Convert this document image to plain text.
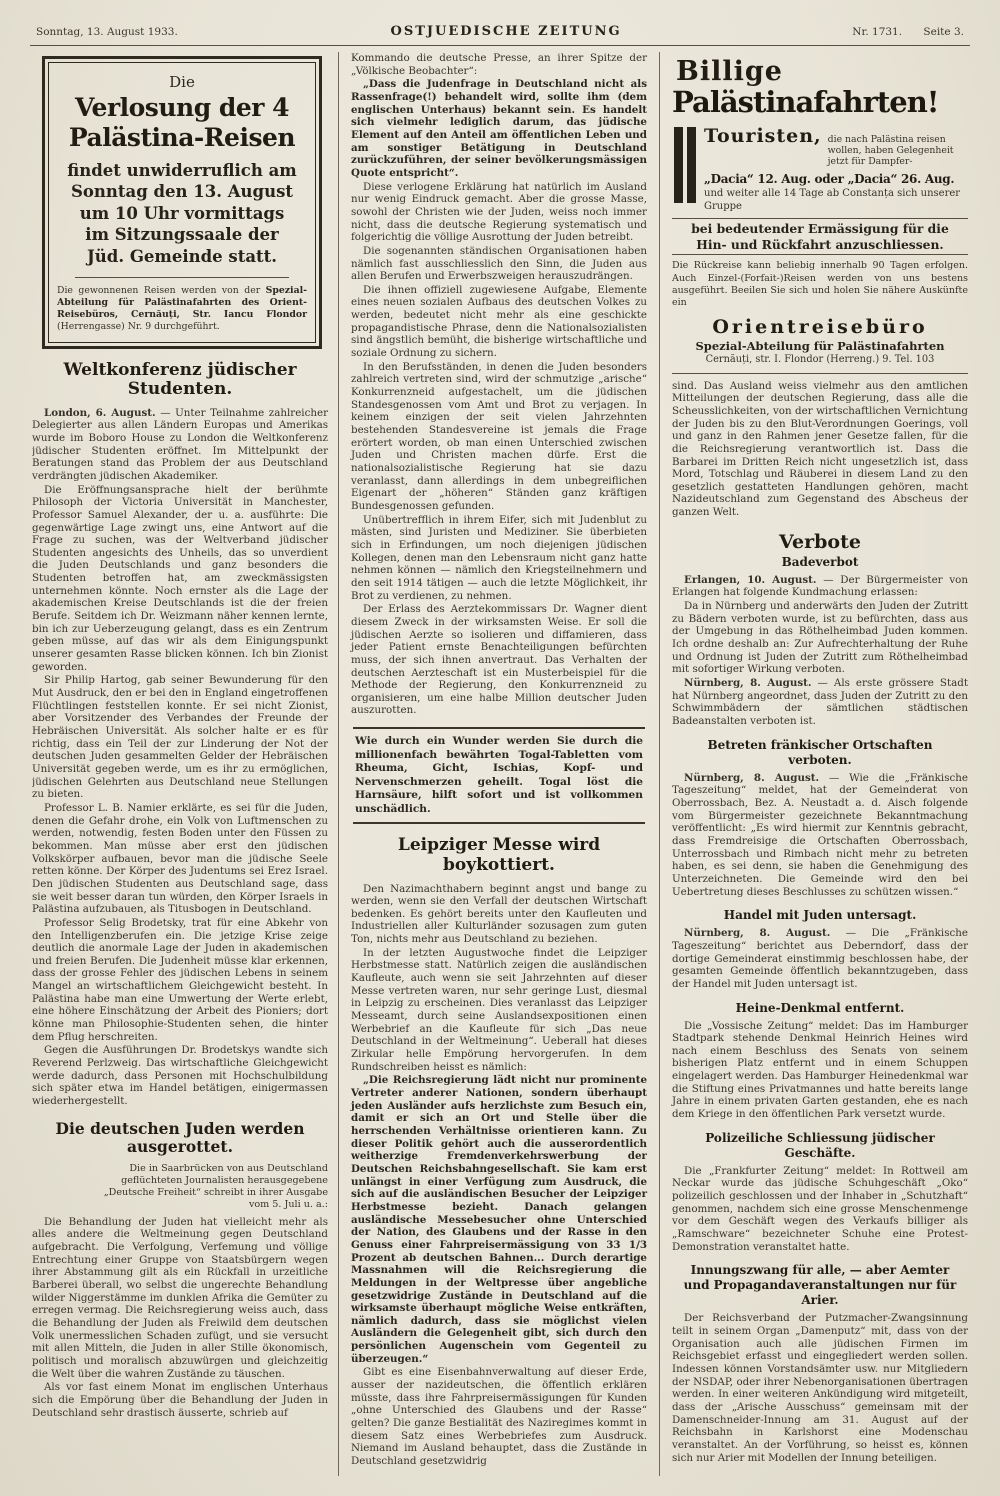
Sonntag, 13. August 1933.	OSTJUEDISCHE ZEITUNG	Nr. 1731. Seite 3.
Die
Verlosung der 4
Palästina-Reisen
findet unwiderruflich am
Sonntag den 13. August
um 10 Uhr vormittags
im Sitzungssaale der
Jüd. Gemeinde statt.

Die gewonnenen Reisen werden von der Spezial-Abteilung für Palästinafahrten des Orient-Reisebüros, Cernăuți, Str. Iancu Flondor (Herrengasse) Nr. 9 durchgeführt.

Weltkonferenz jüdischer Studenten.

London, 6. August. — Unter Teilnahme zahlreicher Delegierter aus allen Ländern Europas und Amerikas wurde im Boboro House zu London die Weltkonferenz jüdischer Studenten eröffnet. Im Mittelpunkt der Beratungen stand das Problem der aus Deutschland verdrängten jüdischen Akademiker.

Die Eröffnungsansprache hielt der berühmte Philosoph der Victoria Universität in Manchester, Professor Samuel Alexander, der u. a. ausführte: Die gegenwärtige Lage zwingt uns, eine Antwort auf die Frage zu suchen, was der Weltverband jüdischer Studenten angesichts des Unheils, das so unverdient die Juden Deutschlands und ganz besonders die Studenten betroffen hat, am zweckmässigsten unternehmen könnte. Noch ernster als die Lage der akademischen Kreise Deutschlands ist die der freien Berufe. Seitdem ich Dr. Weizmann näher kennen lernte, bin ich zur Ueberzeugung gelangt, dass es ein Zentrum geben müsse, auf das wir als dem Einigungspunkt unserer gesamten Rasse blicken können. Ich bin Zionist geworden.

Sir Philip Hartog, gab seiner Bewunderung für den Mut Ausdruck, den er bei den in England eingetroffenen Flüchtlingen feststellen konnte. Er sei nicht Zionist, aber Vorsitzender des Verbandes der Freunde der Hebräischen Universität. Als solcher halte er es für richtig, dass ein Teil der zur Linderung der Not der deutschen Juden gesammelten Gelder der Hebräischen Universität gegeben werde, um es ihr zu ermöglichen, jüdischen Gelehrten aus Deutschland neue Stellungen zu bieten.

Professor L. B. Namier erklärte, es sei für die Juden, denen die Gefahr drohe, ein Volk von Luftmenschen zu werden, notwendig, festen Boden unter den Füssen zu bekommen. Man müsse aber erst den jüdischen Volkskörper aufbauen, bevor man die jüdische Seele retten könne. Der Körper des Judentums sei Erez Israel. Den jüdischen Studenten aus Deutschland sage, dass sie weit besser daran tun würden, den Körper Israels in Palästina aufzubauen, als Titusbogen in Deutschland.

Professor Selig Brodetsky, trat für eine Abkehr von den Intelligenzberufen ein. Die jetzige Krise zeige deutlich die anormale Lage der Juden in akademischen und freien Berufen. Die Judenheit müsse klar erkennen, dass der grosse Fehler des jüdischen Lebens in seinem Mangel an wirtschaftlichem Gleichgewicht besteht. In Palästina habe man eine Umwertung der Werte erlebt, eine höhere Einschätzung der Arbeit des Pioniers; dort könne man Philosophie-Studenten sehen, die hinter dem Pflug herschreiten.

Gegen die Ausführungen Dr. Brodetskys wandte sich Reverend Perlzweig. Das wirtschaftliche Gleichgewicht werde dadurch, dass Personen mit Hochschulbildung sich später etwa im Handel betätigen, einigermassen wiederhergestellt.

Die deutschen Juden werden ausgerottet.

Die in Saarbrücken von aus Deutschland geflüchteten Journalisten herausgegebene „Deutsche Freiheit“ schreibt in ihrer Ausgabe vom 5. Juli u. a.:

Die Behandlung der Juden hat vielleicht mehr als alles andere die Weltmeinung gegen Deutschland aufgebracht. Die Verfolgung, Verfemung und völlige Entrechtung einer Gruppe von Staatsbürgern wegen ihrer Abstammung gilt als ein Rückfall in urzeitliche Barberei überall, wo selbst die ungerechte Behandlung wilder Niggerstämme im dunklen Afrika die Gemüter zu erregen vermag. Die Reichsregierung weiss auch, dass die Behandlung der Juden als Freiwild dem deutschen Volk unermesslichen Schaden zufügt, und sie versucht mit allen Mitteln, die Juden in aller Stille ökonomisch, politisch und moralisch abzuwürgen und gleichzeitig die Welt über die wahren Zustände zu täuschen.

Als vor fast einem Monat im englischen Unterhaus sich die Empörung über die Behandlung der Juden in Deutschland sehr drastisch äusserte, schrieb auf

Kommando die deutsche Presse, an ihrer Spitze der „Völkische Beobachter“:

„Dass die Judenfrage in Deutschland nicht als Rassenfrage(!) behandelt wird, sollte ihm (dem englischen Unterhaus) bekannt sein. Es handelt sich vielmehr lediglich darum, das jüdische Element auf den Anteil am öffentlichen Leben und am sonstiger Betätigung in Deutschland zurückzuführen, der seiner bevölkerungsmässigen Quote entspricht“.

Diese verlogene Erklärung hat natürlich im Ausland nur wenig Eindruck gemacht. Aber die grosse Masse, sowohl der Christen wie der Juden, weiss noch immer nicht, dass die deutsche Regierung systematisch und folgerichtig die völlige Ausrottung der Juden betreibt.

Die sogenannten ständischen Organisationen haben nämlich fast ausschliesslich den Sinn, die Juden aus allen Berufen und Erwerbszweigen herauszudrängen.

Die ihnen offiziell zugewiesene Aufgabe, Elemente eines neuen sozialen Aufbaus des deutschen Volkes zu werden, bedeutet nicht mehr als eine geschickte propagandistische Phrase, denn die Nationalsozialisten sind ängstlich bemüht, die bisherige wirtschaftliche und soziale Ordnung zu sichern.

In den Berufsständen, in denen die Juden besonders zahlreich vertreten sind, wird der schmutzige „arische“ Konkurrenzneid aufgestachelt, um die jüdischen Standesgenossen vom Amt und Brot zu verjagen. In keinem einzigen der seit vielen Jahrzehnten bestehenden Standesvereine ist jemals die Frage erörtert worden, ob man einen Unterschied zwischen Juden und Christen machen dürfe. Erst die nationalsozialistische Regierung hat sie dazu veranlasst, dann allerdings in dem unbegreiflichen Eigenart der „höheren“ Ständen ganz kräftigen Bundesgenossen gefunden.

Unübertrefflich in ihrem Eifer, sich mit Judenblut zu mästen, sind Juristen und Mediziner. Sie überbieten sich in Erfindungen, um noch diejenigen jüdischen Kollegen, denen man den Lebensraum nicht ganz hatte nehmen können — nämlich den Kriegsteilnehmern und den seit 1914 tätigen — auch die letzte Möglichkeit, ihr Brot zu verdienen, zu nehmen.

Der Erlass des Aerztekommissars Dr. Wagner dient diesem Zweck in der wirksamsten Weise. Er soll die jüdischen Aerzte so isolieren und diffamieren, dass jeder Patient ernste Benachteiligungen befürchten muss, der sich ihnen anvertraut. Das Verhalten der deutschen Aerzteschaft ist ein Musterbeispiel für die Methode der Regierung, den Konkurrenzneid zu organisieren, um eine halbe Million deutscher Juden auszurotten.

Wie durch ein Wunder werden Sie durch die millionenfach bewährten Togal-Tabletten vom Rheuma, Gicht, Ischias, Kopf- und Nervenschmerzen geheilt. Togal löst die Harnsäure, hilft sofort und ist vollkommen unschädlich.

Leipziger Messe wird boykottiert.

Den Nazimachthabern beginnt angst und bange zu werden, wenn sie den Verfall der deutschen Wirtschaft bedenken. Es gehört bereits unter den Kaufleuten und Industriellen aller Kulturländer sozusagen zum guten Ton, nichts mehr aus Deutschland zu beziehen.

In der letzten Augustwoche findet die Leipziger Herbstmesse statt. Natürlich zeigen die ausländischen Kaufleute, auch wenn sie seit Jahrzehnten auf dieser Messe vertreten waren, nur sehr geringe Lust, diesmal in Leipzig zu erscheinen. Dies veranlasst das Leipziger Messeamt, durch seine Auslandsexpositionen einen Werbebrief an die Kaufleute für sich „Das neue Deutschland in der Weltmeinung“. Ueberall hat dieses Zirkular helle Empörung hervorgerufen. In dem Rundschreiben heisst es nämlich:

„Die Reichsregierung lädt nicht nur prominente Vertreter anderer Nationen, sondern überhaupt jeden Ausländer aufs herzlichste zum Besuch ein, damit er sich an Ort und Stelle über die herrschenden Verhältnisse orientieren kann. Zu dieser Politik gehört auch die ausserordentlich weitherzige Fremdenverkehrswerbung der Deutschen Reichsbahngesellschaft. Sie kam erst unlängst in einer Verfügung zum Ausdruck, die sich auf die ausländischen Besucher der Leipziger Herbstmesse bezieht. Danach gelangen ausländische Messebesucher ohne Unterschied der Nation, des Glaubens und der Rasse in den Genuss einer Fahrpreisermässigung von 33 1/3 Prozent ab deutschen Bahnen... Durch derartige Massnahmen will die Reichsregierung die Meldungen in der Weltpresse über angebliche gesetzwidrige Zustände in Deutschland auf die wirksamste überhaupt mögliche Weise entkräften, nämlich dadurch, dass sie möglichst vielen Ausländern die Gelegenheit gibt, sich durch den persönlichen Augenschein vom Gegenteil zu überzeugen.“

Gibt es eine Eisenbahnverwaltung auf dieser Erde, ausser der nazideutschen, die öffentlich erklären müsste, dass ihre Fahrpreisermässigungen für Kunden „ohne Unterschied des Glaubens und der Rasse“ gelten? Die ganze Bestialität des Naziregimes kommt in diesem Satz eines Werbebriefes zum Ausdruck. Niemand im Ausland behauptet, dass die Zustände in Deutschland gesetzwidrig

Billige
Palästinafahrten!
Touristen, die nach Palästina reisen wollen, haben Gelegenheit jetzt für Dampfer-
„Dacia“ 12. Aug. oder „Dacia“ 26. Aug.
und weiter alle 14 Tage ab Constanța sich unserer Gruppe
bei bedeutender Ermässigung für die
Hin- und Rückfahrt anzuschliessen.

Die Rückreise kann beliebig innerhalb 90 Tagen erfolgen. Auch Einzel-(Forfait-)Reisen werden von uns bestens ausgeführt. Beeilen Sie sich und holen Sie nähere Auskünfte ein

Orientreisebüro
Spezial-Abteilung für Palästinafahrten
Cernăuți, str. I. Flondor (Herreng.) 9. Tel. 103

sind. Das Ausland weiss vielmehr aus den amtlichen Mitteilungen der deutschen Regierung, dass alle die Scheusslichkeiten, von der wirtschaftlichen Vernichtung der Juden bis zu den Blut-Verordnungen Goerings, voll und ganz in den Rahmen jener Gesetze fallen, für die die Reichsregierung verantwortlich ist. Dass die Barbarei im Dritten Reich nicht ungesetzlich ist, dass Mord, Totschlag und Räuberei in diesem Land zu den gesetzlich gestatteten Handlungen gehören, macht Nazideutschland zum Gegenstand des Abscheus der ganzen Welt.

Verbote
Badeverbot

Erlangen, 10. August. — Der Bürgermeister von Erlangen hat folgende Kundmachung erlassen:

Da in Nürnberg und anderwärts den Juden der Zutritt zu Bädern verboten wurde, ist zu befürchten, dass aus der Umgebung in das Röthelheimbad Juden kommen. Ich ordne deshalb an: Zur Aufrechterhaltung der Ruhe und Ordnung ist Juden der Zutritt zum Röthelheimbad mit sofortiger Wirkung verboten.

Nürnberg, 8. August. — Als erste grössere Stadt hat Nürnberg angeordnet, dass Juden der Zutritt zu den Schwimmbädern der sämtlichen städtischen Badeanstalten verboten ist.

Betreten fränkischer Ortschaften verboten.

Nürnberg, 8. August. — Wie die „Fränkische Tageszeitung“ meldet, hat der Gemeinderat von Oberrossbach, Bez. A. Neustadt a. d. Aisch folgende vom Bürgermeister gezeichnete Bekanntmachung veröffentlicht: „Es wird hiermit zur Kenntnis gebracht, dass Fremdreisige die Ortschaften Oberrossbach, Unterrossbach und Rimbach nicht mehr zu betreten haben, es sei denn, sie haben die Genehmigung des Unterzeichneten. Die Gemeinde wird den bei Uebertretung dieses Beschlusses zu schützen wissen.“

Handel mit Juden untersagt.

Nürnberg, 8. August. — Die „Fränkische Tageszeitung“ berichtet aus Deberndorf, dass der dortige Gemeinderat einstimmig beschlossen habe, der gesamten Gemeinde öffentlich bekanntzugeben, dass der Handel mit Juden untersagt ist.

Heine-Denkmal entfernt.

Die „Vossische Zeitung“ meldet: Das im Hamburger Stadtpark stehende Denkmal Heinrich Heines wird nach einem Beschluss des Senats von seinem bisherigen Platz entfernt und in einem Schuppen eingelagert werden. Das Hamburger Heinedenkmal war die Stiftung eines Privatmannes und hatte bereits lange Jahre in einem privaten Garten gestanden, ehe es nach dem Kriege in den öffentlichen Park versetzt wurde.

Polizeiliche Schliessung jüdischer Geschäfte.

Die „Frankfurter Zeitung“ meldet: In Rottweil am Neckar wurde das jüdische Schuhgeschäft „Oko“ polizeilich geschlossen und der Inhaber in „Schutzhaft“ genommen, nachdem sich eine grosse Menschenmenge vor dem Geschäft wegen des Verkaufs billiger als „Ramschware“ bezeichneter Schuhe eine Protest-Demonstration veranstaltet hatte.

Innungszwang für alle, — aber Aemter und Propagandaveranstaltungen nur für Arier.

Der Reichsverband der Putzmacher-Zwangsinnung teilt in seinem Organ „Damenputz“ mit, dass von der Organisation auch alle jüdischen Firmen im Reichsgebiet erfasst und eingegliedert werden sollen. Indessen können Vorstandsämter usw. nur Mitgliedern der NSDAP, oder ihrer Nebenorganisationen übertragen werden. In einer weiteren Ankündigung wird mitgeteilt, dass der „Arische Ausschuss“ gemeinsam mit der Damenschneider-Innung am 31. August auf der Reichsbahn in Karlshorst eine Modenschau veranstaltet. An der Vorführung, so heisst es, können sich nur Arier mit Modellen der Innung beteiligen.
